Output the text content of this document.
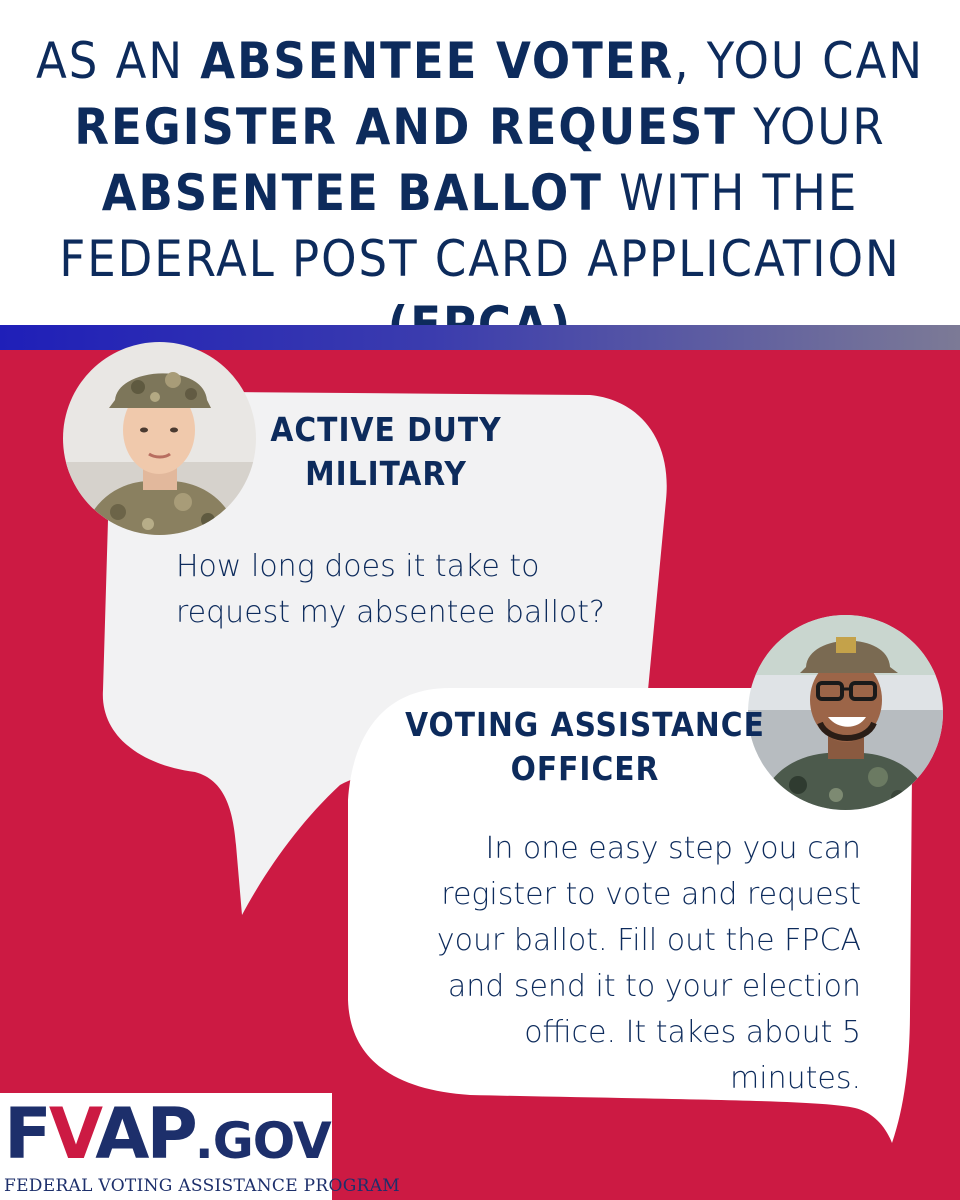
AS AN ABSENTEE VOTER, YOU CAN REGISTER AND REQUEST YOUR ABSENTEE BALLOT WITH THE FEDERAL POST CARD APPLICATION
ACTIVE DUTY
MILITARY
How long does it take to request my absentee ballot?
VOTING ASSISTANCE
OFFICER
In one easy step you can register to vote and request your ballot. Fill out the FPCA and send it to your election office. It takes about 5 minutes.
FVAP.GOV
FEDERAL VOTING ASSISTANCE PROGRAM
